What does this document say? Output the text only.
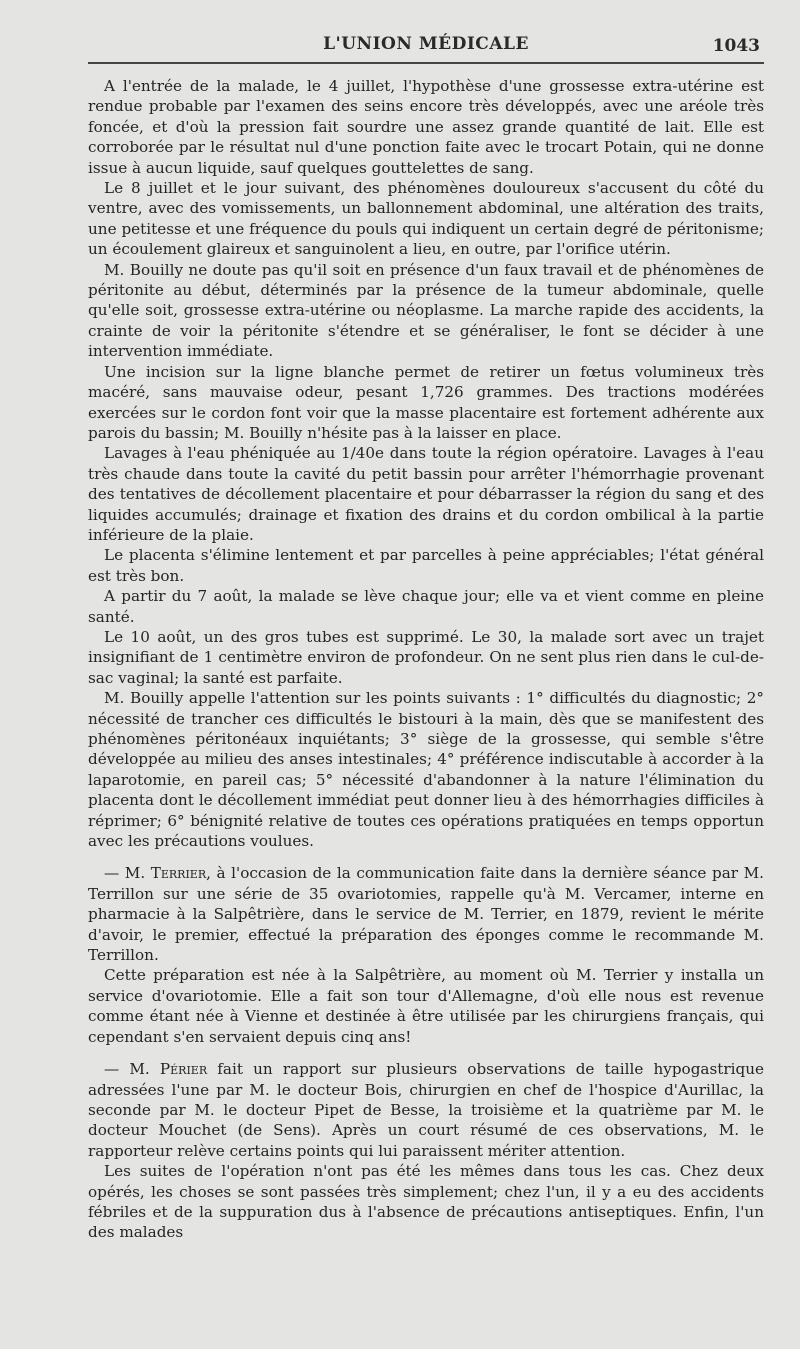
L'UNION MÉDICALE	1043

A l'entrée de la malade, le 4 juillet, l'hypothèse d'une grossesse extra-utérine est rendue probable par l'examen des seins encore très développés, avec une aréole très foncée, et d'où la pression fait sourdre une assez grande quantité de lait. Elle est corroborée par le résultat nul d'une ponction faite avec le trocart Potain, qui ne donne issue à aucun liquide, sauf quelques gouttelettes de sang.

Le 8 juillet et le jour suivant, des phénomènes douloureux s'accusent du côté du ventre, avec des vomissements, un ballonnement abdominal, une altération des traits, une petitesse et une fréquence du pouls qui indiquent un certain degré de péritonisme; un écoulement glaireux et sanguinolent a lieu, en outre, par l'orifice utérin.

M. Bouilly ne doute pas qu'il soit en présence d'un faux travail et de phénomènes de péritonite au début, déterminés par la présence de la tumeur abdominale, quelle qu'elle soit, grossesse extra-utérine ou néoplasme. La marche rapide des accidents, la crainte de voir la péritonite s'étendre et se généraliser, le font se décider à une intervention immédiate.

Une incision sur la ligne blanche permet de retirer un fœtus volumineux très macéré, sans mauvaise odeur, pesant 1,726 grammes. Des tractions modérées exercées sur le cordon font voir que la masse placentaire est fortement adhérente aux parois du bassin; M. Bouilly n'hésite pas à la laisser en place.

Lavages à l'eau phéniquée au 1/40e dans toute la région opératoire. Lavages à l'eau très chaude dans toute la cavité du petit bassin pour arrêter l'hémorrhagie provenant des tentatives de décollement placentaire et pour débarrasser la région du sang et des liquides accumulés; drainage et fixation des drains et du cordon ombilical à la partie inférieure de la plaie.

Le placenta s'élimine lentement et par parcelles à peine appréciables; l'état général est très bon.

A partir du 7 août, la malade se lève chaque jour; elle va et vient comme en pleine santé.

Le 10 août, un des gros tubes est supprimé. Le 30, la malade sort avec un trajet insignifiant de 1 centimètre environ de profondeur. On ne sent plus rien dans le cul-de-sac vaginal; la santé est parfaite.

M. Bouilly appelle l'attention sur les points suivants : 1° difficultés du diagnostic; 2° nécessité de trancher ces difficultés le bistouri à la main, dès que se manifestent des phénomènes péritonéaux inquiétants; 3° siège de la grossesse, qui semble s'être développée au milieu des anses intestinales; 4° préférence indiscutable à accorder à la laparotomie, en pareil cas; 5° nécessité d'abandonner à la nature l'élimination du placenta dont le décollement immédiat peut donner lieu à des hémorrhagies difficiles à réprimer; 6° bénignité relative de toutes ces opérations pratiquées en temps opportun avec les précautions voulues.

— M. Terrier, à l'occasion de la communication faite dans la dernière séance par M. Terrillon sur une série de 35 ovariotomies, rappelle qu'à M. Vercamer, interne en pharmacie à la Salpêtrière, dans le service de M. Terrier, en 1879, revient le mérite d'avoir, le premier, effectué la préparation des éponges comme le recommande M. Terrillon.

Cette préparation est née à la Salpêtrière, au moment où M. Terrier y installa un service d'ovariotomie. Elle a fait son tour d'Allemagne, d'où elle nous est revenue comme étant née à Vienne et destinée à être utilisée par les chirurgiens français, qui cependant s'en servaient depuis cinq ans!

— M. Périer fait un rapport sur plusieurs observations de taille hypogastrique adressées l'une par M. le docteur Bois, chirurgien en chef de l'hospice d'Aurillac, la seconde par M. le docteur Pipet de Besse, la troisième et la quatrième par M. le docteur Mouchet (de Sens). Après un court résumé de ces observations, M. le rapporteur relève certains points qui lui paraissent mériter attention.

Les suites de l'opération n'ont pas été les mêmes dans tous les cas. Chez deux opérés, les choses se sont passées très simplement; chez l'un, il y a eu des accidents fébriles et de la suppuration dus à l'absence de précautions antiseptiques. Enfin, l'un des malades
